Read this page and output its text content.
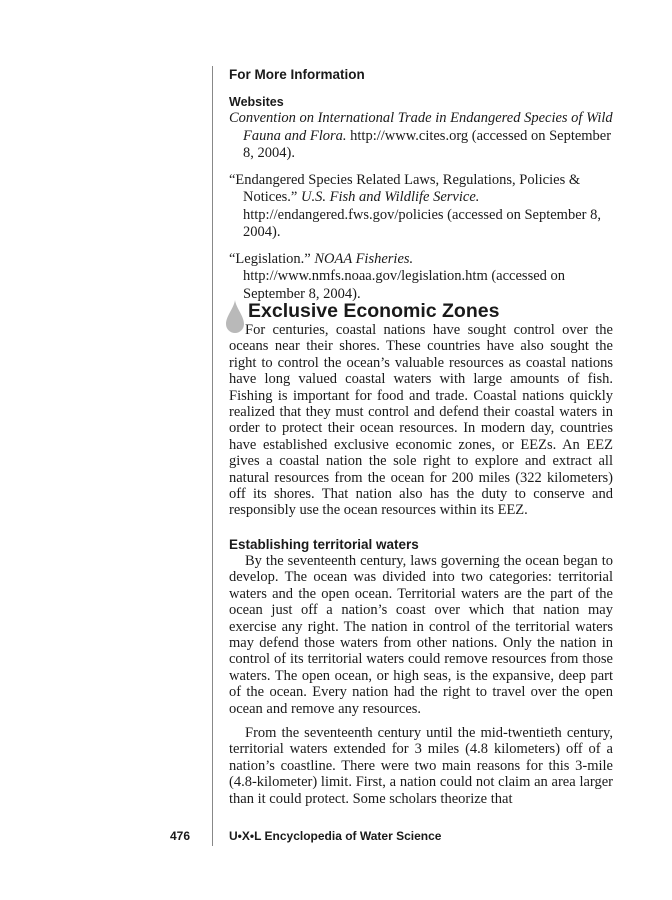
For More Information
Websites

Convention on International Trade in Endangered Species of Wild Fauna and Flora. http://www.cites.org (accessed on September 8, 2004).

“Endangered Species Related Laws, Regulations, Policies & Notices.” U.S. Fish and Wildlife Service. http://endangered.fws.gov/policies (accessed on September 8, 2004).

“Legislation.” NOAA Fisheries. http://www.nmfs.noaa.gov/legislation.htm (accessed on September 8, 2004).

Exclusive Economic Zones

For centuries, coastal nations have sought control over the oceans near their shores. These countries have also sought the right to control the ocean’s valuable resources as coastal nations have long valued coastal waters with large amounts of fish. Fishing is important for food and trade. Coastal nations quickly realized that they must control and defend their coastal waters in order to protect their ocean resources. In modern day, countries have established exclusive economic zones, or EEZs. An EEZ gives a coastal nation the sole right to explore and extract all natural resources from the ocean for 200 miles (322 kilometers) off its shores. That nation also has the duty to conserve and responsibly use the ocean resources within its EEZ.

Establishing territorial waters

By the seventeenth century, laws governing the ocean began to develop. The ocean was divided into two categories: territorial waters and the open ocean. Territorial waters are the part of the ocean just off a nation’s coast over which that nation may exercise any right. The nation in control of the territorial waters may defend those waters from other nations. Only the nation in control of its territorial waters could remove resources from those waters. The open ocean, or high seas, is the expansive, deep part of the ocean. Every nation had the right to travel over the open ocean and remove any resources.

From the seventeenth century until the mid-twentieth century, territorial waters extended for 3 miles (4.8 kilometers) off of a nation’s coastline. There were two main reasons for this 3-mile (4.8-kilometer) limit. First, a nation could not claim an area larger than it could protect. Some scholars theorize that

476	U•X•L Encyclopedia of Water Science
